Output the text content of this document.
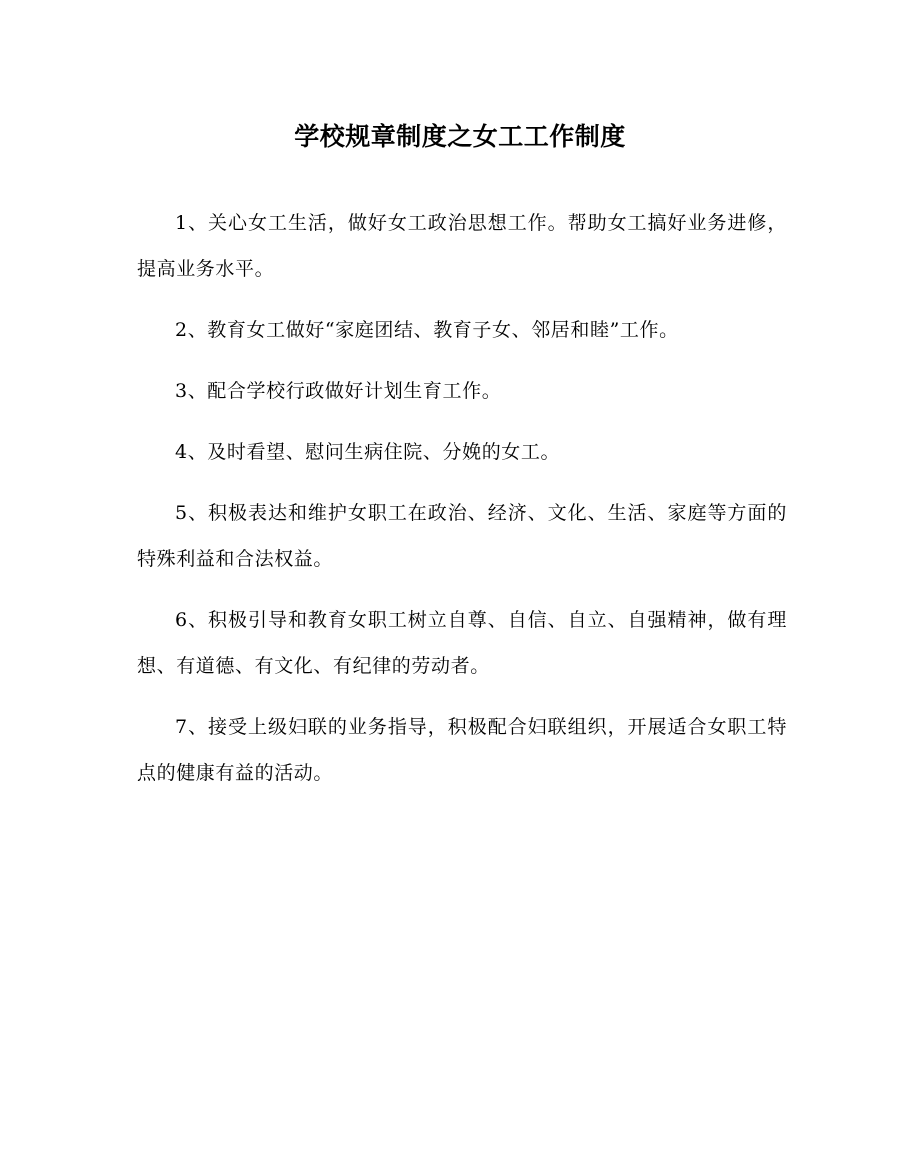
学校规章制度之女工工作制度

1、关心女工生活，做好女工政治思想工作。帮助女工搞好业务进修，提高业务水平。

2、教育女工做好“家庭团结、教育子女、邻居和睦”工作。

3、配合学校行政做好计划生育工作。

4、及时看望、慰问生病住院、分娩的女工。

5、积极表达和维护女职工在政治、经济、文化、生活、家庭等方面的特殊利益和合法权益。

6、积极引导和教育女职工树立自尊、自信、自立、自强精神，做有理想、有道德、有文化、有纪律的劳动者。

7、接受上级妇联的业务指导，积极配合妇联组织，开展适合女职工特点的健康有益的活动。
